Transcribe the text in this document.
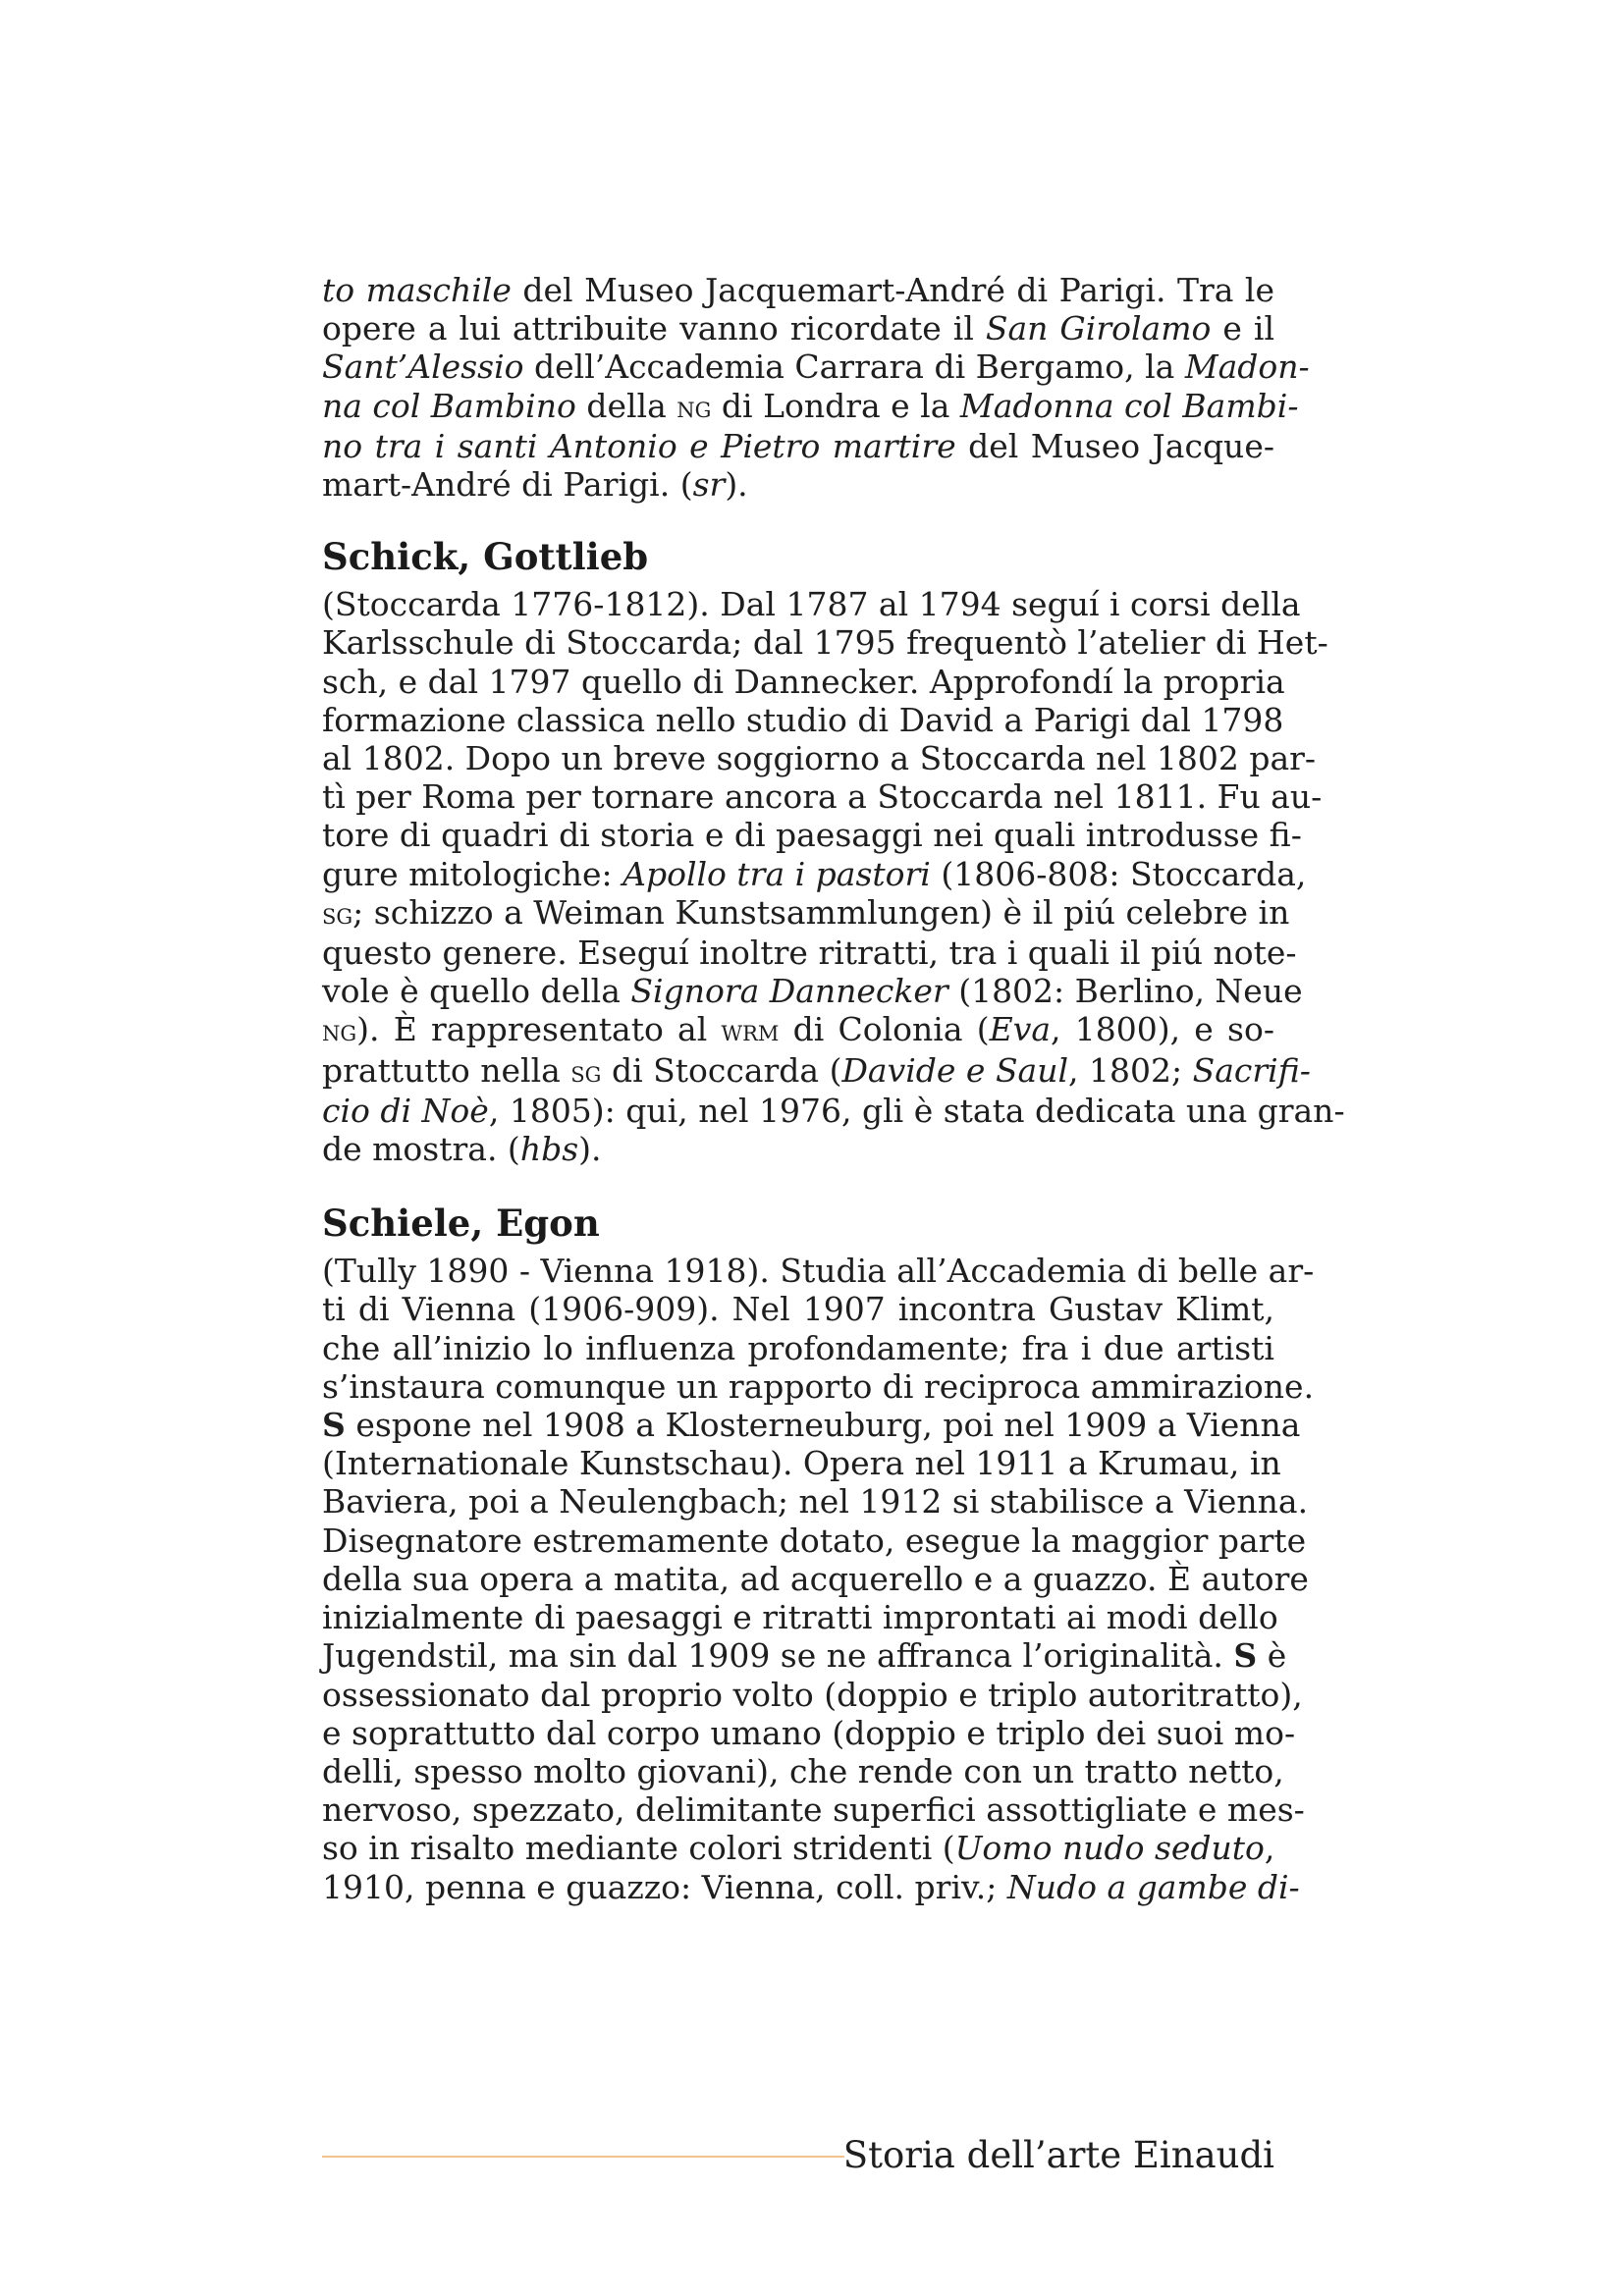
to maschile del Museo Jacquemart-André di Parigi. Tra le
opere a lui attribuite vanno ricordate il San Girolamo e il
Sant’Alessio dell’Accademia Carrara di Bergamo, la Madon-
na col Bambino della ng di Londra e la Madonna col Bambi-
no tra i santi Antonio e Pietro martire del Museo Jacque-
mart-André di Parigi. (sr).

Schick, Gottlieb

(Stoccarda 1776-1812). Dal 1787 al 1794 seguí i corsi della
Karlsschule di Stoccarda; dal 1795 frequentò l’atelier di Het-
sch, e dal 1797 quello di Dannecker. Approfondí la propria
formazione classica nello studio di David a Parigi dal 1798
al 1802. Dopo un breve soggiorno a Stoccarda nel 1802 par-
tì per Roma per tornare ancora a Stoccarda nel 1811. Fu au-
tore di quadri di storia e di paesaggi nei quali introdusse fi-
gure mitologiche: Apollo tra i pastori (1806-808: Stoccarda,
sg; schizzo a Weiman Kunstsammlungen) è il piú celebre in
questo genere. Eseguí inoltre ritratti, tra i quali il piú note-
vole è quello della Signora Dannecker (1802: Berlino, Neue
ng). È rappresentato al wrm di Colonia (Eva, 1800), e so-
prattutto nella sg di Stoccarda (Davide e Saul, 1802; Sacrifi-
cio di Noè, 1805): qui, nel 1976, gli è stata dedicata una gran-
de mostra. (hbs).

Schiele, Egon

(Tully 1890 - Vienna 1918). Studia all’Accademia di belle ar-
ti di Vienna (1906-909). Nel 1907 incontra Gustav Klimt,
che all’inizio lo influenza profondamente; fra i due artisti
s’instaura comunque un rapporto di reciproca ammirazione.
S espone nel 1908 a Klosterneuburg, poi nel 1909 a Vienna
(Internationale Kunstschau). Opera nel 1911 a Krumau, in
Baviera, poi a Neulengbach; nel 1912 si stabilisce a Vienna.
Disegnatore estremamente dotato, esegue la maggior parte
della sua opera a matita, ad acquerello e a guazzo. È autore
inizialmente di paesaggi e ritratti improntati ai modi dello
Jugendstil, ma sin dal 1909 se ne affranca l’originalità. S è
ossessionato dal proprio volto (doppio e triplo autoritratto),
e soprattutto dal corpo umano (doppio e triplo dei suoi mo-
delli, spesso molto giovani), che rende con un tratto netto,
nervoso, spezzato, delimitante superfici assottigliate e mes-
so in risalto mediante colori stridenti (Uomo nudo seduto,
1910, penna e guazzo: Vienna, coll. priv.; Nudo a gambe di-

Storia dell’arte Einaudi
